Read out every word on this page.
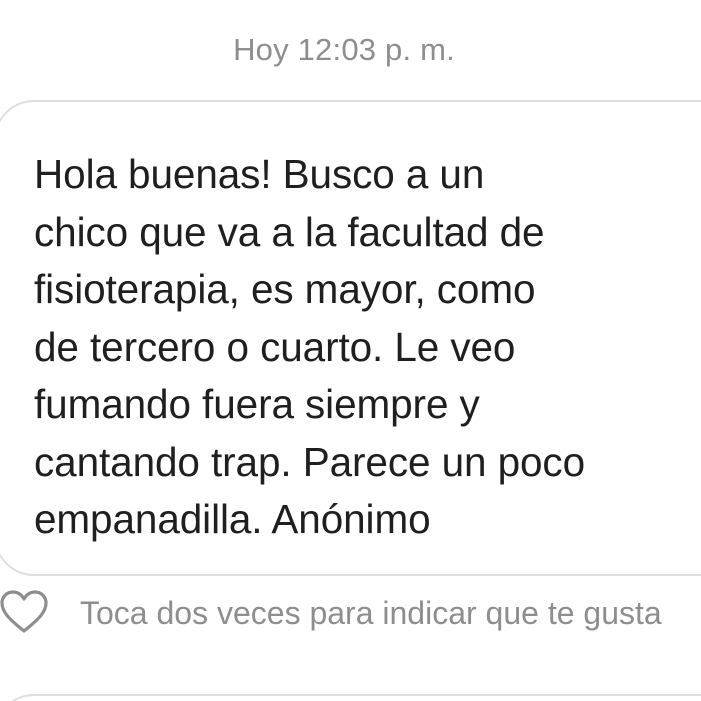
Hoy 12:03 p. m.

Hola buenas! Busco a un
chico que va a la facultad de
fisioterapia, es mayor, como
de tercero o cuarto. Le veo
fumando fuera siempre y
cantando trap. Parece un poco
empanadilla. Anónimo

Toca dos veces para indicar que te gusta
